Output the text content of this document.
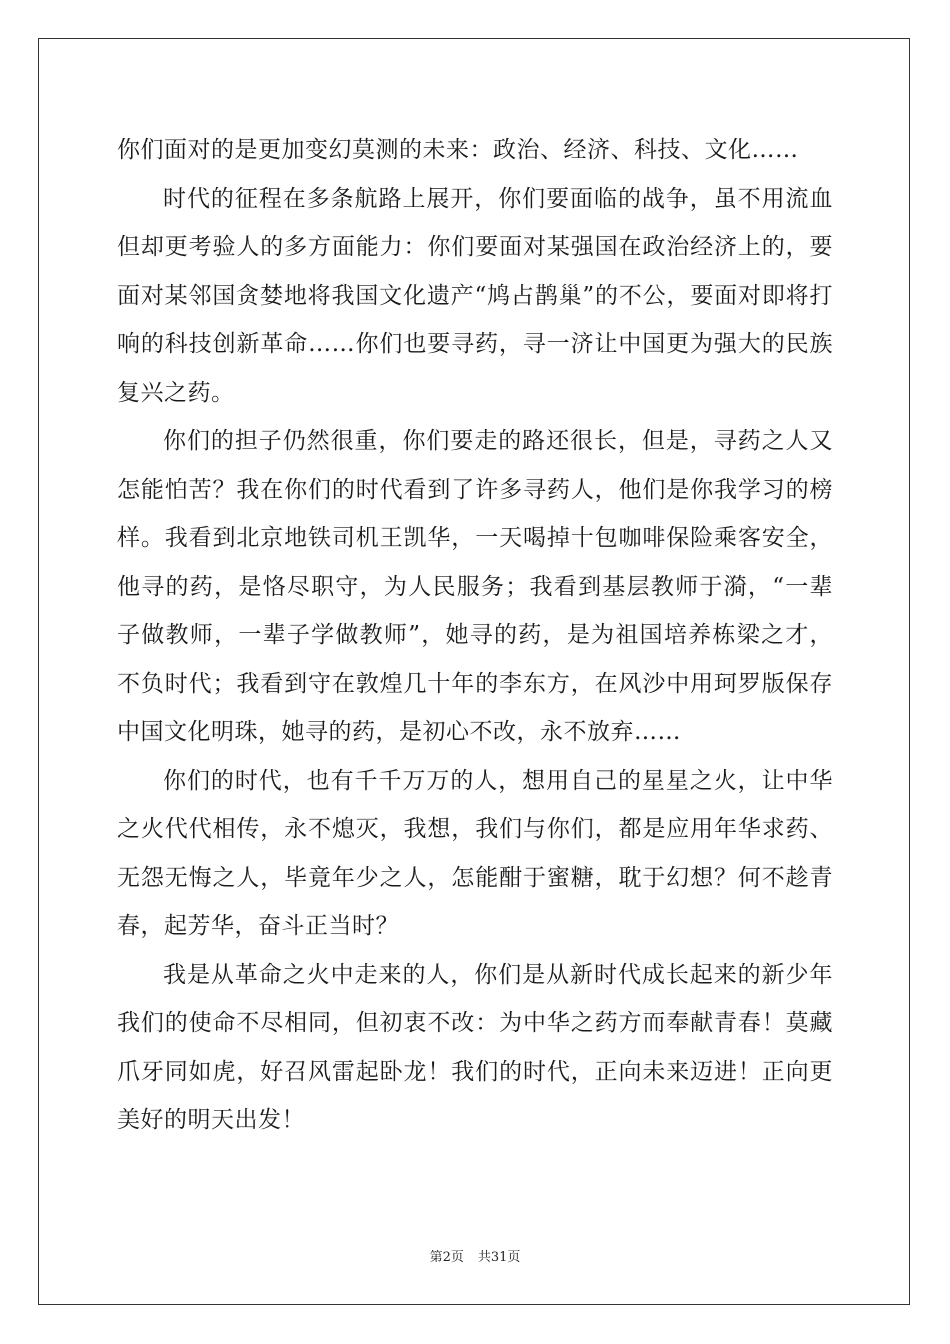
你们面对的是更加变幻莫测的未来：政治、经济、科技、文化……

时代的征程在多条航路上展开，你们要面临的战争，虽不用流血但却更考验人的多方面能力：你们要面对某强国在政治经济上的，要面对某邻国贪婪地将我国文化遗产“鸠占鹊巢”的不公，要面对即将打响的科技创新革命……你们也要寻药，寻一济让中国更为强大的民族复兴之药。

你们的担子仍然很重，你们要走的路还很长，但是，寻药之人又怎能怕苦？我在你们的时代看到了许多寻药人，他们是你我学习的榜样。我看到北京地铁司机王凯华，一天喝掉十包咖啡保险乘客安全，他寻的药，是恪尽职守，为人民服务；我看到基层教师于漪，“一辈子做教师，一辈子学做教师”，她寻的药，是为祖国培养栋梁之才，不负时代；我看到守在敦煌几十年的李东方，在风沙中用珂罗版保存中国文化明珠，她寻的药，是初心不改，永不放弃……

你们的时代，也有千千万万的人，想用自己的星星之火，让中华之火代代相传，永不熄灭，我想，我们与你们，都是应用年华求药、无怨无悔之人，毕竟年少之人，怎能酣于蜜糖，耽于幻想？何不趁青春，起芳华，奋斗正当时？

我是从革命之火中走来的人，你们是从新时代成长起来的新少年我们的使命不尽相同，但初衷不改：为中华之药方而奉献青春！莫藏爪牙同如虎，好召风雷起卧龙！我们的时代，正向未来迈进！正向更美好的明天出发！

第2页 共31页
